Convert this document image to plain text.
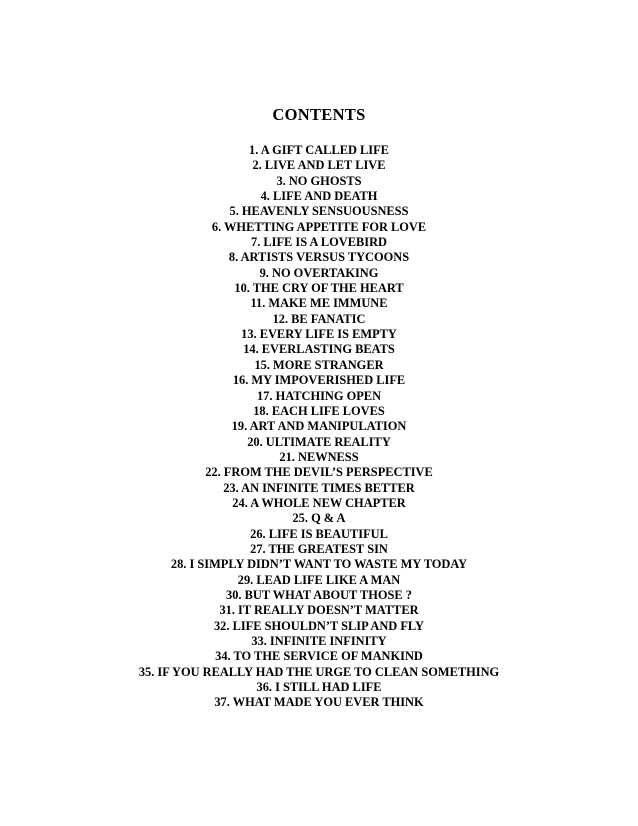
CONTENTS
1. A GIFT CALLED LIFE
2. LIVE AND LET LIVE
3. NO GHOSTS
4. LIFE AND DEATH
5. HEAVENLY SENSUOUSNESS
6. WHETTING APPETITE FOR LOVE
7. LIFE IS A LOVEBIRD
8. ARTISTS VERSUS TYCOONS
9. NO OVERTAKING
10. THE CRY OF THE HEART
11. MAKE ME IMMUNE
12. BE FANATIC
13. EVERY LIFE IS EMPTY
14. EVERLASTING BEATS
15. MORE STRANGER
16. MY IMPOVERISHED LIFE
17. HATCHING OPEN
18. EACH LIFE LOVES
19. ART AND MANIPULATION
20. ULTIMATE REALITY
21. NEWNESS
22. FROM THE DEVIL’S PERSPECTIVE
23. AN INFINITE TIMES BETTER
24. A WHOLE NEW CHAPTER
25. Q & A
26. LIFE IS BEAUTIFUL
27. THE GREATEST SIN
28. I SIMPLY DIDN’T WANT TO WASTE MY TODAY
29. LEAD LIFE LIKE A MAN
30. BUT WHAT ABOUT THOSE ?
31. IT REALLY DOESN’T MATTER
32. LIFE SHOULDN’T SLIP AND FLY
33. INFINITE INFINITY
34. TO THE SERVICE OF MANKIND
35. IF YOU REALLY HAD THE URGE TO CLEAN SOMETHING
36. I STILL HAD LIFE
37. WHAT MADE YOU EVER THINK
